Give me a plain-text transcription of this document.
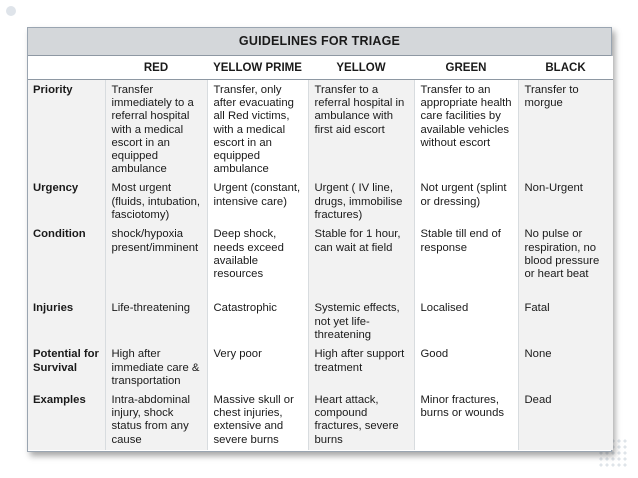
GUIDELINES FOR TRIAGE
	RED	YELLOW PRIME	YELLOW	GREEN	BLACK
Priority	Transfer immediately to a referral hospital with a medical escort in an equipped ambulance	Transfer, only after evacuating all Red victims, with a medical escort in an equipped ambulance	Transfer to a referral hospital in ambulance with first aid escort	Transfer to an appropriate health care facilities by available vehicles without escort	Transfer to morgue
Urgency	Most urgent (fluids, intubation, fasciotomy)	Urgent (constant, intensive care)	Urgent ( IV line, drugs, immobilise fractures)	Not urgent (splint or dressing)	Non-Urgent
Condition	shock/hypoxia present/imminent	Deep shock, needs exceed available resources	Stable for 1 hour, can wait at field	Stable till end of response	No pulse or respiration, no blood pressure or heart beat
Injuries	Life-threatening	Catastrophic	Systemic effects, not yet life-threatening	Localised	Fatal
Potential for Survival	High after immediate care & transportation	Very poor	High after support treatment	Good	None
Examples	Intra-abdominal injury, shock status from any cause	Massive skull or chest injuries, extensive and severe burns	Heart attack, compound fractures, severe burns	Minor fractures, burns or wounds	Dead
